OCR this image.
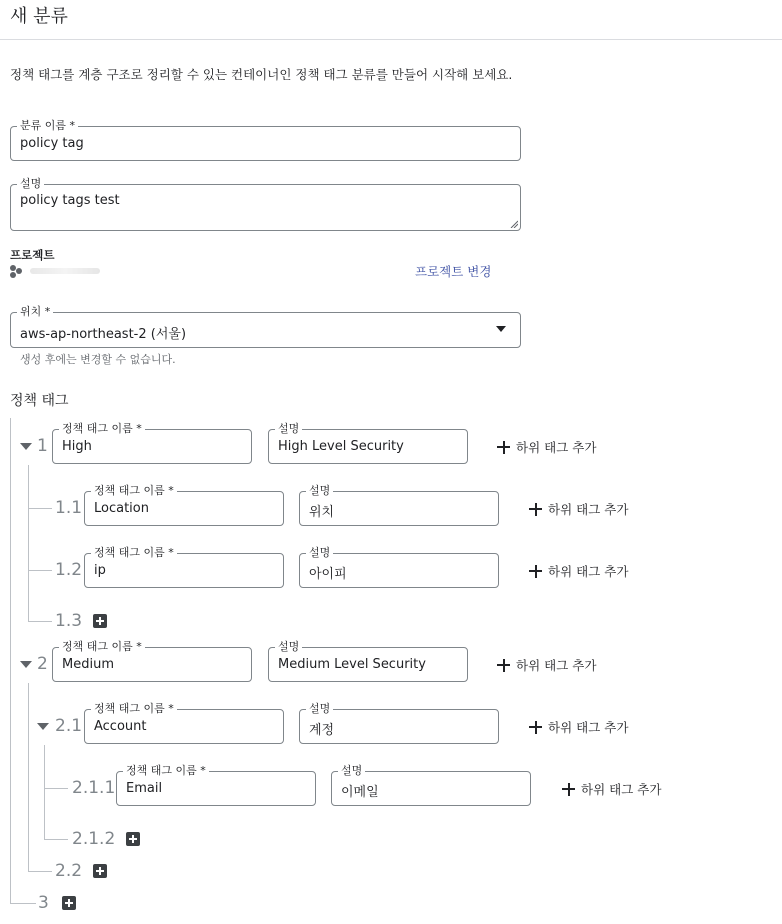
새 분류
정책 태그를 계층 구조로 정리할 수 있는 컨테이너인 정책 태그 분류를 만들어 시작해 보세요.
분류 이름 *
policy tag
설명
policy tags test
프로젝트
프로젝트 변경
위치 *
aws-ap-northeast-2 (서울)
생성 후에는 변경할 수 없습니다.
정책 태그
1
정책 태그 이름 *
High
설명
High Level Security	하위 태그 추가
1.1
정책 태그 이름 *
Location
설명
위치	하위 태그 추가
1.2
정책 태그 이름 *
ip
설명
아이피	하위 태그 추가
1.3
2
정책 태그 이름 *
Medium
설명
Medium Level Security	하위 태그 추가
2.1
정책 태그 이름 *
Account
설명
계정	하위 태그 추가
2.1.1
정책 태그 이름 *
Email
설명
이메일	하위 태그 추가
2.1.2
2.2
3
